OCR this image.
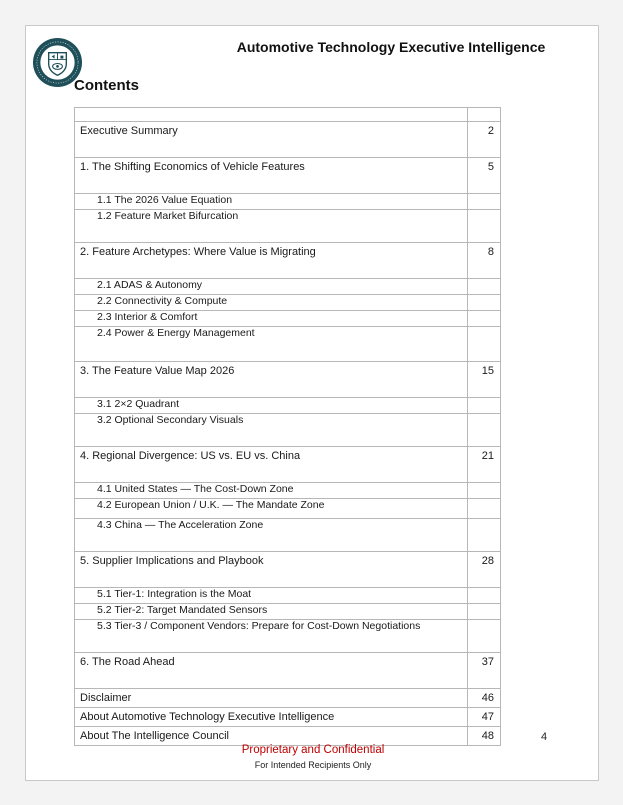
Automotive Technology Executive Intelligence
Contents

Executive Summary	2
1. The Shifting Economics of Vehicle Features	5
1.1 The 2026 Value Equation	
1.2 Feature Market Bifurcation	
2. Feature Archetypes: Where Value is Migrating	8
2.1 ADAS & Autonomy	
2.2 Connectivity & Compute	
2.3 Interior & Comfort	
2.4 Power & Energy Management	
3. The Feature Value Map 2026	15
3.1 2×2 Quadrant	
3.2 Optional Secondary Visuals	
4. Regional Divergence: US vs. EU vs. China	21
4.1 United States — The Cost-Down Zone	
4.2 European Union / U.K. — The Mandate Zone	
4.3 China — The Acceleration Zone	
5. Supplier Implications and Playbook	28
5.1 Tier-1: Integration is the Moat	
5.2 Tier-2: Target Mandated Sensors	
5.3 Tier-3 / Component Vendors: Prepare for Cost-Down Negotiations	
6. The Road Ahead	37
Disclaimer	46
About Automotive Technology Executive Intelligence	47
About The Intelligence Council	48	4
Proprietary and Confidential
For Intended Recipients Only
